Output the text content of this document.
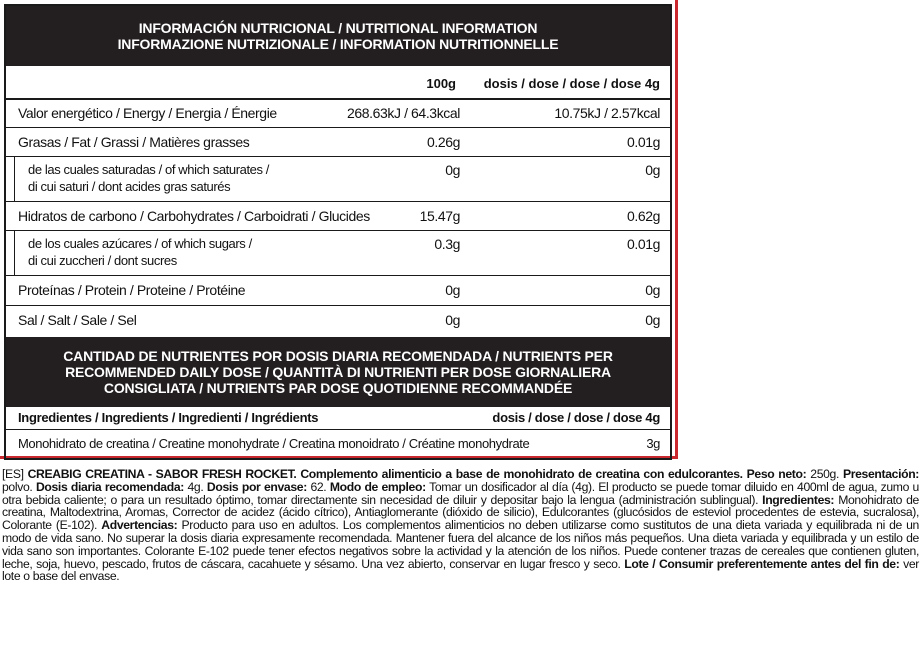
INFORMACIÓN NUTRICIONAL / NUTRITIONAL INFORMATION
INFORMAZIONE NUTRIZIONALE / INFORMATION NUTRITIONNELLE
100g dosis / dose / dose / dose 4g
Valor energético / Energy / Energia / Énergie	268.63kJ / 64.3kcal	10.75kJ / 2.57kcal
Grasas / Fat / Grassi / Matières grasses	0.26g	0.01g
de las cuales saturadas / of which saturates /
di cui saturi / dont acides gras saturés
0g	0g
Hidratos de carbono / Carbohydrates / Carboidrati / Glucides	15.47g	0.62g
de los cuales azúcares / of which sugars /
di cui zuccheri / dont sucres
0.3g	0.01g
Proteínas / Protein / Proteine / Protéine	0g	0g
Sal / Salt / Sale / Sel	0g	0g
CANTIDAD DE NUTRIENTES POR DOSIS DIARIA RECOMENDADA / NUTRIENTS PER
RECOMMENDED DAILY DOSE / QUANTITÀ DI NUTRIENTI PER DOSE GIORNALIERA
CONSIGLIATA / NUTRIENTS PAR DOSE QUOTIDIENNE RECOMMANDÉE
Ingredientes / Ingredients / Ingredienti / Ingrédients	dosis / dose / dose / dose 4g
Monohidrato de creatina / Creatine monohydrate / Creatina monoidrato / Créatine monohydrate	3g
[ES] CREABIG CREATINA - SABOR FRESH ROCKET. Complemento alimenticio a base de monohidrato de creatina con edulcorantes. Peso neto: 250g. Presentación: polvo. Dosis diaria recomendada: 4g. Dosis por envase: 62. Modo de empleo: Tomar un dosificador al día (4g). El producto se puede tomar diluido en 400ml de agua, zumo u otra bebida caliente; o para un resultado óptimo, tomar directamente sin necesidad de diluir y depositar bajo la lengua (administración sublingual). Ingredientes: Monohidrato de creatina, Maltodextrina, Aromas, Corrector de acidez (ácido cítrico), Antiaglomerante (dióxido de silicio), Edulcorantes (glucósidos de esteviol procedentes de estevia, sucralosa), Colorante (E-102). Advertencias: Producto para uso en adultos. Los complementos alimenticios no deben utilizarse como sustitutos de una dieta variada y equilibrada ni de un modo de vida sano. No superar la dosis diaria expresamente recomendada. Mantener fuera del alcance de los niños más pequeños. Una dieta variada y equilibrada y un estilo de vida sano son importantes. Colorante E-102 puede tener efectos negativos sobre la actividad y la atención de los niños. Puede contener trazas de cereales que contienen gluten, leche, soja, huevo, pescado, frutos de cáscara, cacahuete y sésamo. Una vez abierto, conservar en lugar fresco y seco. Lote / Consumir preferentemente antes del fin de: ver lote o base del envase.
